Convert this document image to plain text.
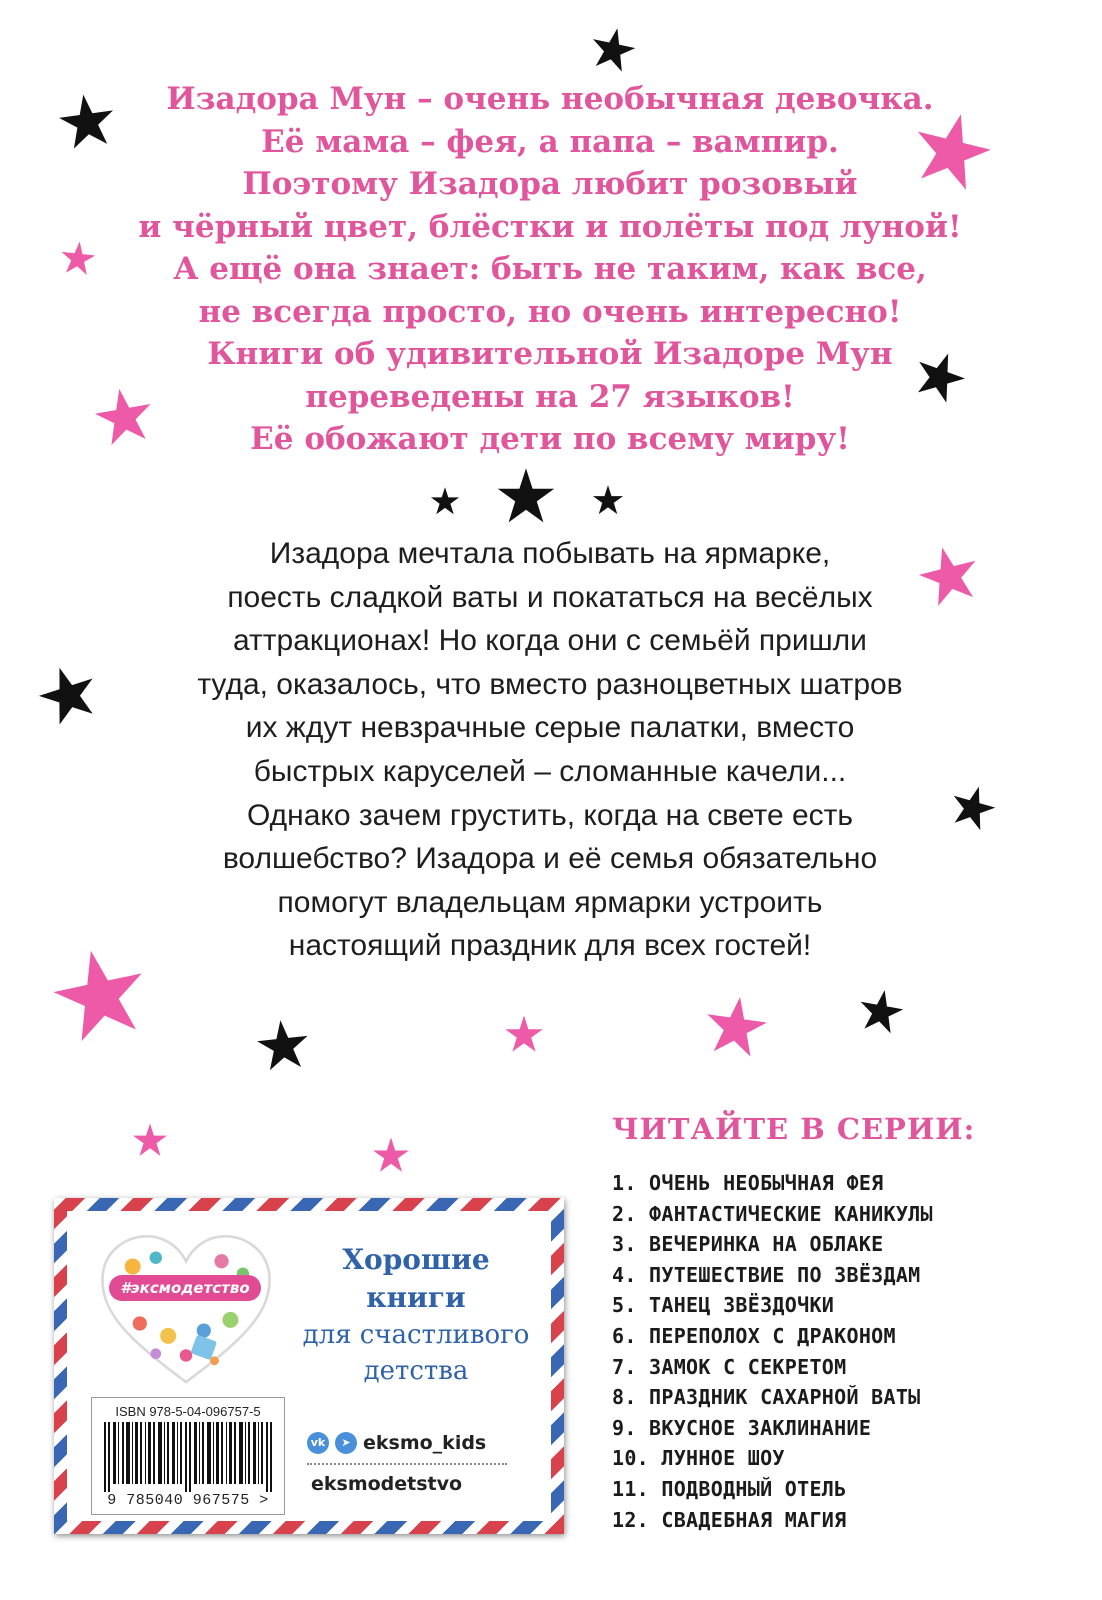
Изадора Мун – очень необычная девочка.
Её мама – фея, а папа – вампир.
Поэтому Изадора любит розовый
и чёрный цвет, блёстки и полёты под луной!
А ещё она знает: быть не таким, как все,
не всегда просто, но очень интересно!
Книги об удивительной Изадоре Мун
переведены на 27 языков!
Её обожают дети по всему миру!
Изадора мечтала побывать на ярмарке,
поесть сладкой ваты и покататься на весёлых
аттракционах! Но когда они с семьёй пришли
туда, оказалось, что вместо разноцветных шатров
их ждут невзрачные серые палатки, вместо
быстрых каруселей – сломанные качели...
Однако зачем грустить, когда на свете есть
волшебство? Изадора и её семья обязательно
помогут владельцам ярмарки устроить
настоящий праздник для всех гостей!
ЧИТАЙТЕ В СЕРИИ:
1. ОЧЕНЬ НЕОБЫЧНАЯ ФЕЯ
2. ФАНТАСТИЧЕСКИЕ КАНИКУЛЫ
3. ВЕЧЕРИНКА НА ОБЛАКЕ
4. ПУТЕШЕСТВИЕ ПО ЗВЁЗДАМ
5. ТАНЕЦ ЗВЁЗДОЧКИ
6. ПЕРЕПОЛОХ С ДРАКОНОМ
7. ЗАМОК С СЕКРЕТОМ
8. ПРАЗДНИК САХАРНОЙ ВАТЫ
9. ВКУСНОЕ ЗАКЛИНАНИЕ
10. ЛУННОЕ ШОУ
11. ПОДВОДНЫЙ ОТЕЛЬ
12. СВАДЕБНАЯ МАГИЯ
#эксмодетство
Хорошие
книги
для счастливого
детства
ISBN 978-5-04-096757-5
9 785040 967575 >
vk	➤ eksmo_kids
eksmodetstvo
